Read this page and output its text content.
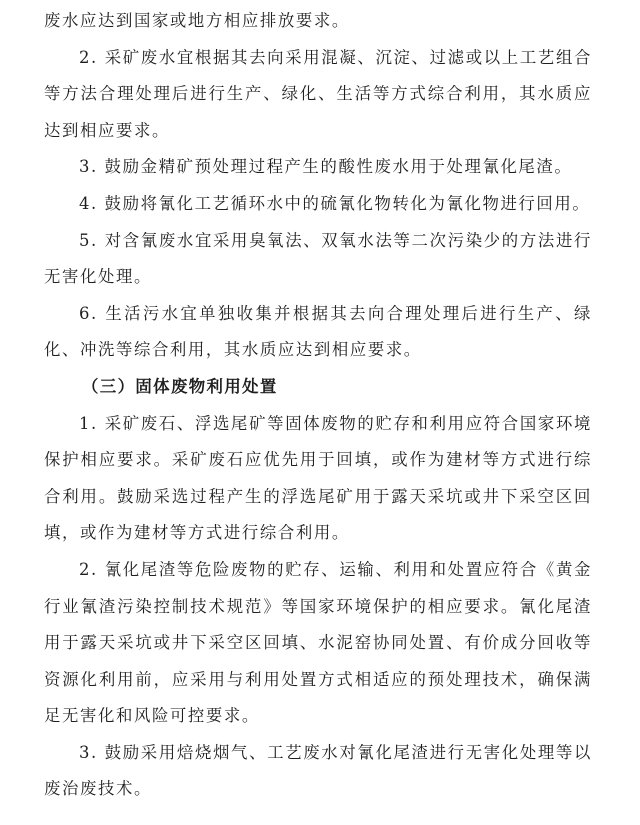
废水应达到国家或地方相应排放要求。

2. 采矿废水宜根据其去向采用混凝、沉淀、过滤或以上工艺组合等方法合理处理后进行生产、绿化、生活等方式综合利用，其水质应达到相应要求。

3. 鼓励金精矿预处理过程产生的酸性废水用于处理氰化尾渣。

4. 鼓励将氰化工艺循环水中的硫氰化物转化为氰化物进行回用。

5. 对含氰废水宜采用臭氧法、双氧水法等二次污染少的方法进行无害化处理。

6. 生活污水宜单独收集并根据其去向合理处理后进行生产、绿化、冲洗等综合利用，其水质应达到相应要求。

（三）固体废物利用处置

1. 采矿废石、浮选尾矿等固体废物的贮存和利用应符合国家环境保护相应要求。采矿废石应优先用于回填，或作为建材等方式进行综合利用。鼓励采选过程产生的浮选尾矿用于露天采坑或井下采空区回填，或作为建材等方式进行综合利用。

2. 氰化尾渣等危险废物的贮存、运输、利用和处置应符合《黄金行业氰渣污染控制技术规范》等国家环境保护的相应要求。氰化尾渣用于露天采坑或井下采空区回填、水泥窑协同处置、有价成分回收等资源化利用前，应采用与利用处置方式相适应的预处理技术，确保满足无害化和风险可控要求。

3. 鼓励采用焙烧烟气、工艺废水对氰化尾渣进行无害化处理等以废治废技术。
